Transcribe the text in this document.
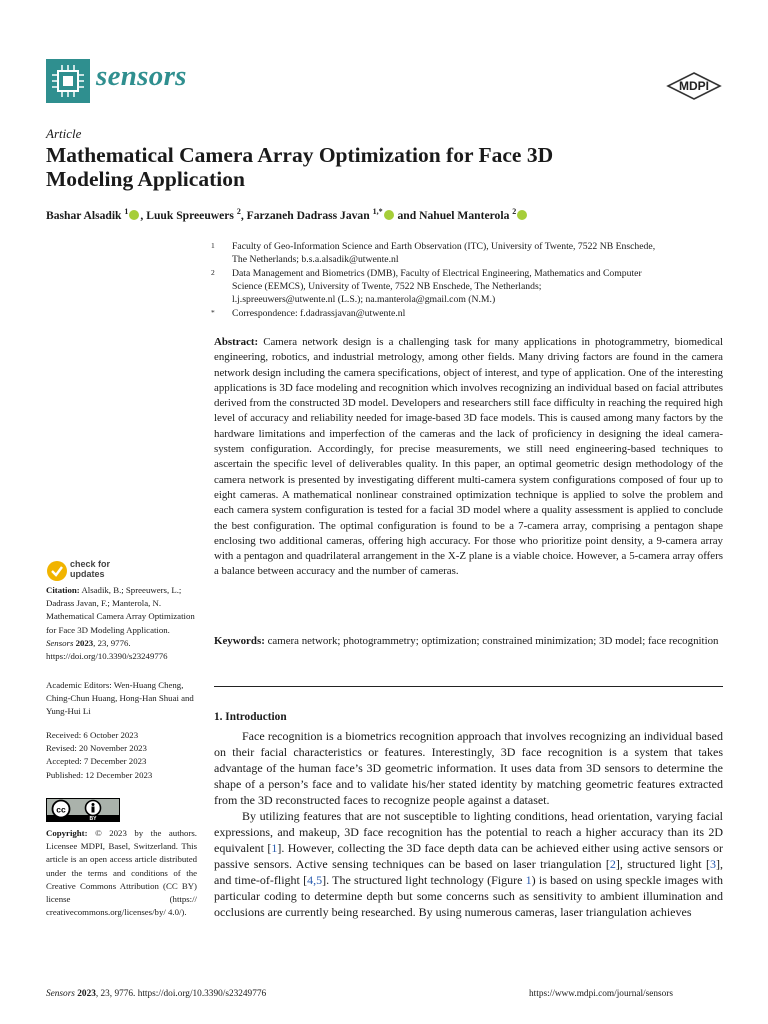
sensors	MDPI
Article
Mathematical Camera Array Optimization for Face 3D
Modeling Application
Bashar Alsadik $^1$ , Luuk Spreeuwers $^2$, Farzaneh Dadrass Javan $^{1,*}$ and Nahuel Manterola $^2$
1 Faculty of Geo-Information Science and Earth Observation (ITC), University of Twente, 7522 NB Enschede,
The Netherlands; b.s.a.alsadik@utwente.nl
2 Data Management and Biometrics (DMB), Faculty of Electrical Engineering, Mathematics and Computer
Science (EEMCS), University of Twente, 7522 NB Enschede, The Netherlands;
l.j.spreeuwers@utwente.nl (L.S.); na.manterola@gmail.com (N.M.)
* Correspondence: f.dadrassjavan@utwente.nl
Abstract: Camera network design is a challenging task for many applications in photogrammetry, biomedical engineering, robotics, and industrial metrology, among other fields. Many driving factors are found in the camera network design including the camera specifications, object of interest, and type of application. One of the interesting applications is 3D face modeling and recognition which involves recognizing an individual based on facial attributes derived from the constructed 3D model. Developers and researchers still face difficulty in reaching the required high level of accuracy and reliability needed for image-based 3D face models. This is caused among many factors by the hardware limitations and imperfection of the cameras and the lack of proficiency in designing the ideal camera-system configuration. Accordingly, for precise measurements, we still need engineering-based techniques to ascertain the specific level of deliverables quality. In this paper, an optimal geometric design methodology of the camera network is presented by investigating different multi-camera system configurations composed of four up to eight cameras. A mathematical nonlinear constrained optimization technique is applied to solve the problem and each camera system configuration is tested for a facial 3D model where a quality assessment is applied to conclude the best configuration. The optimal configuration is found to be a 7-camera array, comprising a pentagon shape enclosing two additional cameras, offering high accuracy. For those who prioritize point density, a 9-camera array with a pentagon and quadrilateral arrangement in the X-Z plane is a viable choice. However, a 5-camera array offers a balance between accuracy and the number of cameras.
Keywords: camera network; photogrammetry; optimization; constrained minimization; 3D model; face recognition
1. Introduction

Face recognition is a biometrics recognition approach that involves recognizing an individual based on their facial characteristics or features. Interestingly, 3D face recognition is a system that takes advantage of the human face’s 3D geometric information. It uses data from 3D sensors to determine the shape of a person’s face and to validate his/her stated identity by matching geometric features extracted from the 3D reconstructed faces to recognize people against a dataset.

By utilizing features that are not susceptible to lighting conditions, head orientation, varying facial expressions, and makeup, 3D face recognition has the potential to reach a higher accuracy than its 2D equivalent [1]. However, collecting the 3D face depth data can be achieved either using active sensors or passive sensors. Active sensing techniques can be based on laser triangulation [2], structured light [3], and time-of-flight [4,5]. The structured light technology (Figure 1) is based on using speckle images with particular coding to determine depth but some concerns such as sensitivity to ambient illumination and occlusions are currently being researched. By using numerous cameras, laser triangulation achieves

check for
updates
Citation: Alsadik, B.; Spreeuwers, L.; Dadrass Javan, F.; Manterola, N. Mathematical Camera Array Optimization for Face 3D Modeling Application. Sensors 2023, 23, 9776. https://doi.org/10.3390/s23249776
Academic Editors: Wen-Huang Cheng, Ching-Chun Huang, Hong-Han Shuai and Yung-Hui Li
Received: 6 October 2023
Revised: 20 November 2023
Accepted: 7 December 2023
Published: 12 December 2023
cc
BY
Copyright: © 2023 by the authors. Licensee MDPI, Basel, Switzerland. This article is an open access article distributed under the terms and conditions of the Creative Commons Attribution (CC BY) license (https:// creativecommons.org/licenses/by/ 4.0/).
Sensors 2023, 23, 9776. https://doi.org/10.3390/s23249776	https://www.mdpi.com/journal/sensors
